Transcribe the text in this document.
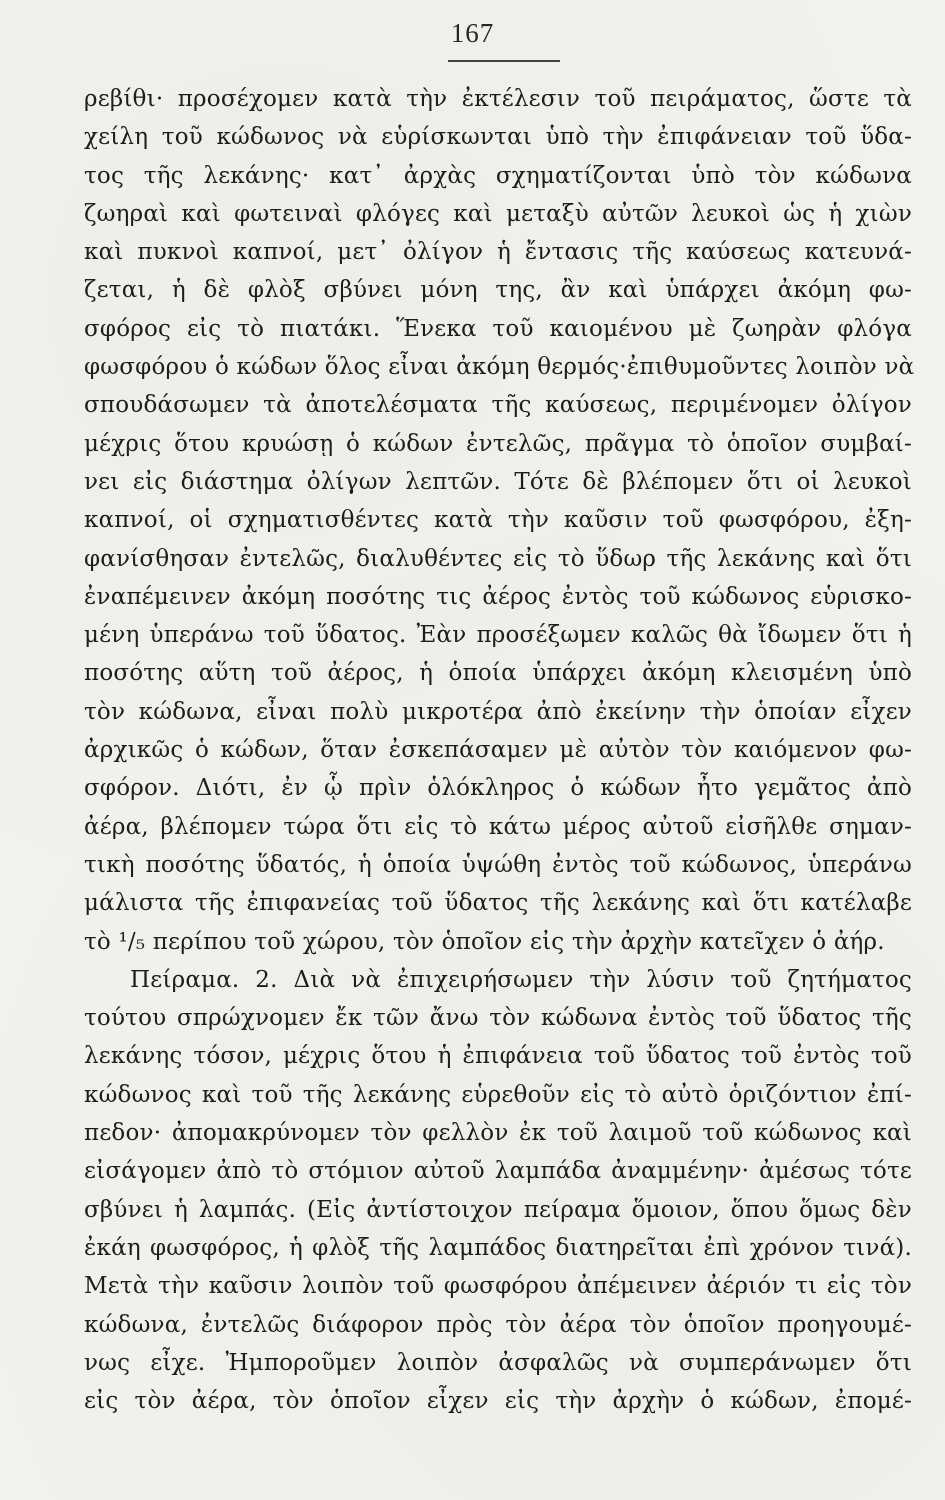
167
ρεβίθι· προσέχομεν κατὰ τὴν ἐκτέλεσιν τοῦ πειράματος, ὥστε τὰ
χείλη τοῦ κώδωνος νὰ εὑρίσκωνται ὑπὸ τὴν ἐπιφάνειαν τοῦ ὕδα-
τος τῆς λεκάνης· κατ᾽ ἀρχὰς σχηματίζονται ὑπὸ τὸν κώδωνα
ζωηραὶ καὶ φωτειναὶ φλόγες καὶ μεταξὺ αὐτῶν λευκοὶ ὡς ἡ χιὼν
καὶ πυκνοὶ καπνοί, μετ᾽ ὀλίγον ἡ ἔντασις τῆς καύσεως κατευνά-
ζεται, ἡ δὲ φλὸξ σβύνει μόνη της, ἂν καὶ ὑπάρχει ἀκόμη φω-
σφόρος εἰς τὸ πιατάκι. Ἕνεκα τοῦ καιομένου μὲ ζωηρὰν φλόγα
φωσφόρου ὁ κώδων ὅλος εἶναι ἀκόμη θερμός·ἐπιθυμοῦντες λοιπὸν νὰ
σπουδάσωμεν τὰ ἀποτελέσματα τῆς καύσεως, περιμένομεν ὀλίγον
μέχρις ὅτου κρυώσῃ ὁ κώδων ἐντελῶς, πρᾶγμα τὸ ὁποῖον συμβαί-
νει εἰς διάστημα ὀλίγων λεπτῶν. Τότε δὲ βλέπομεν ὅτι οἱ λευκοὶ
καπνοί, οἱ σχηματισθέντες κατὰ τὴν καῦσιν τοῦ φωσφόρου, ἐξη-
φανίσθησαν ἐντελῶς, διαλυθέντες εἰς τὸ ὕδωρ τῆς λεκάνης καὶ ὅτι
ἐναπέμεινεν ἀκόμη ποσότης τις ἀέρος ἐντὸς τοῦ κώδωνος εὑρισκο-
μένη ὑπεράνω τοῦ ὕδατος. Ἐὰν προσέξωμεν καλῶς θὰ ἴδωμεν ὅτι ἡ
ποσότης αὕτη τοῦ ἀέρος, ἡ ὁποία ὑπάρχει ἀκόμη κλεισμένη ὑπὸ
τὸν κώδωνα, εἶναι πολὺ μικροτέρα ἀπὸ ἐκείνην τὴν ὁποίαν εἶχεν
ἀρχικῶς ὁ κώδων, ὅταν ἐσκεπάσαμεν μὲ αὐτὸν τὸν καιόμενον φω-
σφόρον. Διότι, ἐν ᾧ πρὶν ὁλόκληρος ὁ κώδων ἦτο γεμᾶτος ἀπὸ
ἀέρα, βλέπομεν τώρα ὅτι εἰς τὸ κάτω μέρος αὐτοῦ εἰσῆλθε σημαν-
τικὴ ποσότης ὕδατός, ἡ ὁποία ὑψώθη ἐντὸς τοῦ κώδωνος, ὑπεράνω
μάλιστα τῆς ἐπιφανείας τοῦ ὕδατος τῆς λεκάνης καὶ ὅτι κατέλαβε
τὸ ¹/₅ περίπου τοῦ χώρου, τὸν ὁποῖον εἰς τὴν ἀρχὴν κατεῖχεν ὁ ἀήρ.
Πείραμα. 2. Διὰ νὰ ἐπιχειρήσωμεν τὴν λύσιν τοῦ ζητήματος
τούτου σπρώχνομεν ἔκ τῶν ἄνω τὸν κώδωνα ἐντὸς τοῦ ὕδατος τῆς
λεκάνης τόσον, μέχρις ὅτου ἡ ἐπιφάνεια τοῦ ὕδατος τοῦ ἐντὸς τοῦ
κώδωνος καὶ τοῦ τῆς λεκάνης εὑρεθοῦν εἰς τὸ αὐτὸ ὁριζόντιον ἐπί-
πεδον· ἀπομακρύνομεν τὸν φελλὸν ἐκ τοῦ λαιμοῦ τοῦ κώδωνος καὶ
εἰσάγομεν ἀπὸ τὸ στόμιον αὐτοῦ λαμπάδα ἀναμμένην· ἀμέσως τότε
σβύνει ἡ λαμπάς. (Εἰς ἀντίστοιχον πείραμα ὅμοιον, ὅπου ὅμως δὲν
ἐκάη φωσφόρος, ἡ φλὸξ τῆς λαμπάδος διατηρεῖται ἐπὶ χρόνον τινά).
Μετὰ τὴν καῦσιν λοιπὸν τοῦ φωσφόρου ἀπέμεινεν ἀέριόν τι εἰς τὸν
κώδωνα, ἐντελῶς διάφορον πρὸς τὸν ἀέρα τὸν ὁποῖον προηγουμέ-
νως εἶχε. Ἠμποροῦμεν λοιπὸν ἀσφαλῶς νὰ συμπεράνωμεν ὅτι
εἰς τὸν ἀέρα, τὸν ὁποῖον εἶχεν εἰς τὴν ἀρχὴν ὁ κώδων, ἐπομέ-
